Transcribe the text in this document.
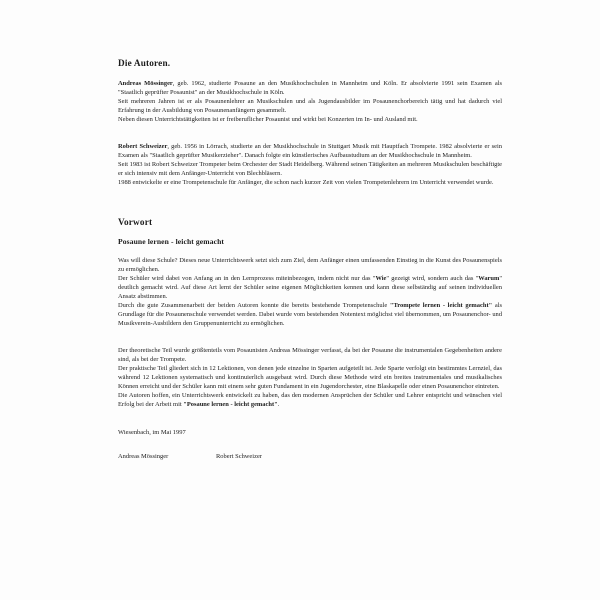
Die Autoren.

Andreas Mössinger, geb. 1962, studierte Posaune an den Musikhochschulen in Mannheim und Köln. Er absolvierte 1991 sein Examen als "Staatlich geprüfter Posaunist" an der Musikhochschule in Köln.

Seit mehreren Jahren ist er als Posaunenlehrer an Musikschulen und als Jugendausbilder im Posaunenchorbereich tätig und hat dadurch viel Erfahrung in der Ausbildung von Posaunenanfängern gesammelt.

Neben diesen Unterrichtstätigkeiten ist er freiberuflicher Posaunist und wirkt bei Konzerten im In- und Ausland mit.

Robert Schweizer, geb. 1956 in Lörrach, studierte an der Musikhochschule in Stuttgart Musik mit Hauptfach Trompete. 1982 absolvierte er sein Examen als "Staatlich geprüfter Musikerzieher". Danach folgte ein künstlerisches Aufbaustudium an der Musikhochschule in Mannheim.

Seit 1983 ist Robert Schweizer Trompeter beim Orchester der Stadt Heidelberg. Während seinen Tätigkeiten an mehreren Musikschulen beschäftigte er sich intensiv mit dem Anfänger-Unterricht von Blechbläsern.

1988 entwickelte er eine Trompetenschule für Anfänger, die schon nach kurzer Zeit von vielen Trompetenlehrern im Unterricht verwendet wurde.

Vorwort
Posaune lernen - leicht gemacht

Was will diese Schule? Dieses neue Unterrichtswerk setzt sich zum Ziel, dem Anfänger einen umfassenden Einstieg in die Kunst des Posaunenspiels zu ermöglichen.

Der Schüler wird dabei von Anfang an in den Lernprozess miteinbezogen, indem nicht nur das "Wie" gezeigt wird, sondern auch das "Warum" deutlich gemacht wird. Auf diese Art lernt der Schüler seine eigenen Möglichkeiten kennen und kann diese selbständig auf seinen individuellen Ansatz abstimmen.

Durch die gute Zusammenarbeit der beiden Autoren konnte die bereits bestehende Trompetenschule "Trompete lernen - leicht gemacht" als Grundlage für die Posaunenschule verwendet werden. Dabei wurde vom bestehenden Notentext möglichst viel übernommen, um Posaunenchor- und Musikverein-Ausbildern den Gruppenunterricht zu ermöglichen.

Der theoretische Teil wurde größtenteils vom Posaunisten Andreas Mössinger verfasst, da bei der Posaune die instrumentalen Gegebenheiten andere sind, als bei der Trompete.

Der praktische Teil gliedert sich in 12 Lektionen, von denen jede einzelne in Sparten aufgeteilt ist. Jede Sparte verfolgt ein bestimmtes Lernziel, das während 12 Lektionen systematisch und kontinuierlich ausgebaut wird. Durch diese Methode wird ein breites instrumentales und musikalisches Können erreicht und der Schüler kann mit einem sehr guten Fundament in ein Jugendorchester, eine Blaskapelle oder einen Posaunenchor eintreten.

Die Autoren hoffen, ein Unterrichtswerk entwickelt zu haben, das den modernen Ansprüchen der Schüler und Lehrer entspricht und wünschen viel Erfolg bei der Arbeit mit "Posaune lernen - leicht gemacht".

Wiesenbach, im Mai 1997

Andreas Mössinger	Robert Schweizer
